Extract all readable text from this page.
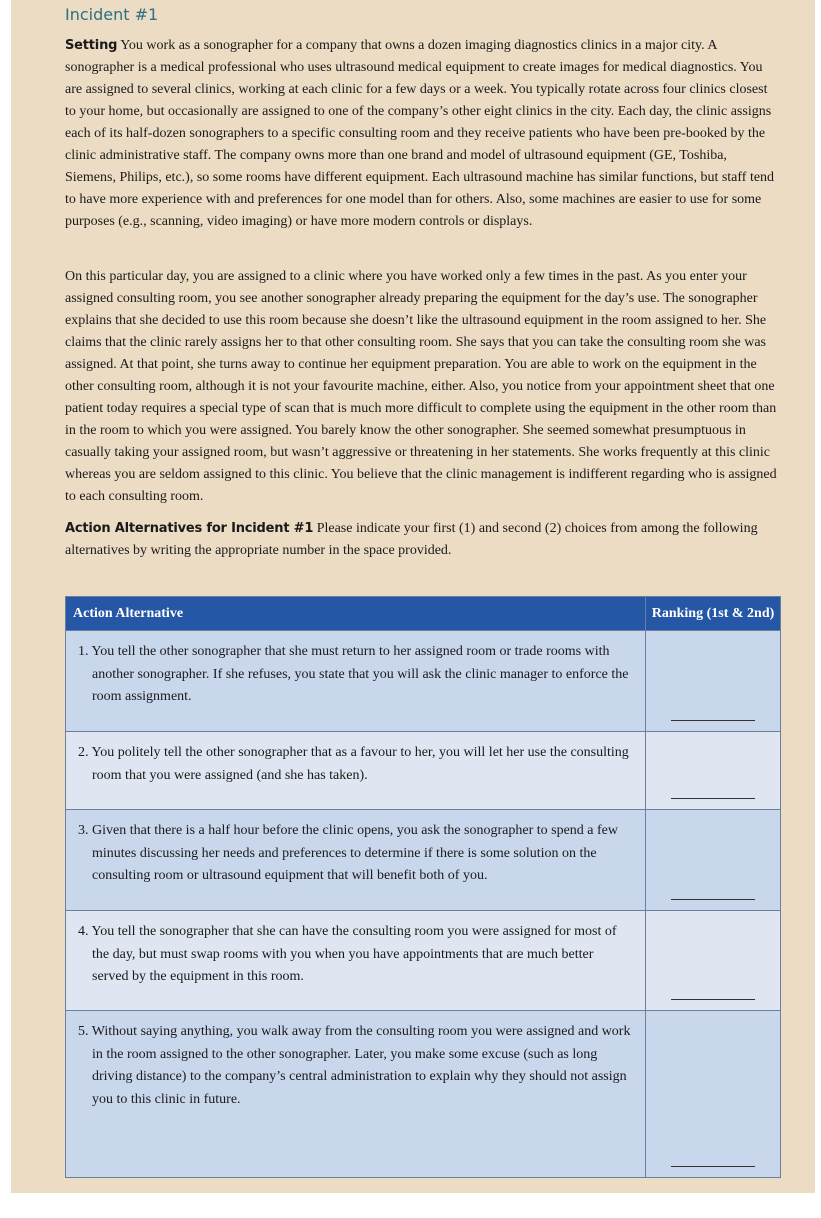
Incident #1

Setting You work as a sonographer for a company that owns a dozen imaging diagnostics clinics in a major city. A sonographer is a medical professional who uses ultrasound medical equipment to create images for medical diagnostics. You are assigned to several clinics, working at each clinic for a few days or a week. You typically rotate across four clinics closest to your home, but occasionally are assigned to one of the company’s other eight clinics in the city. Each day, the clinic assigns each of its half-dozen sonographers to a specific consulting room and they receive patients who have been pre-booked by the clinic administrative staff. The company owns more than one brand and model of ultrasound equipment (GE, Toshiba, Siemens, Philips, etc.), so some rooms have different equipment. Each ultrasound machine has similar functions, but staff tend to have more experience with and preferences for one model than for others. Also, some machines are easier to use for some purposes (e.g., scanning, video imaging) or have more modern controls or displays.

On this particular day, you are assigned to a clinic where you have worked only a few times in the past. As you enter your assigned consulting room, you see another sonographer already preparing the equipment for the day’s use. The sonographer explains that she decided to use this room because she doesn’t like the ultrasound equipment in the room assigned to her. She claims that the clinic rarely assigns her to that other consulting room. She says that you can take the consulting room she was assigned. At that point, she turns away to continue her equipment preparation. You are able to work on the equipment in the other consulting room, although it is not your favourite machine, either. Also, you notice from your appointment sheet that one patient today requires a special type of scan that is much more difficult to complete using the equipment in the other room than in the room to which you were assigned. You barely know the other sonographer. She seemed somewhat presumptuous in casually taking your assigned room, but wasn’t aggressive or threatening in her statements. She works frequently at this clinic whereas you are seldom assigned to this clinic. You believe that the clinic management is indifferent regarding who is assigned to each consulting room.

Action Alternatives for Incident #1 Please indicate your first (1) and second (2) choices from among the following alternatives by writing the appropriate number in the space provided.

Action Alternative	Ranking (1st & 2nd)

1. You tell the other sonographer that she must return to her assigned room or trade rooms with another sonographer. If she refuses, you state that you will ask the clinic manager to enforce the room assignment.	

2. You politely tell the other sonographer that as a favour to her, you will let her use the consulting room that you were assigned (and she has taken).	

3. Given that there is a half hour before the clinic opens, you ask the sonographer to spend a few minutes discussing her needs and preferences to determine if there is some solution on the consulting room or ultrasound equipment that will benefit both of you.	

4. You tell the sonographer that she can have the consulting room you were assigned for most of the day, but must swap rooms with you when you have appointments that are much better served by the equipment in this room.	

5. Without saying anything, you walk away from the consulting room you were assigned and work in the room assigned to the other sonographer. Later, you make some excuse (such as long driving distance) to the company’s central administration to explain why they should not assign you to this clinic in future.	
